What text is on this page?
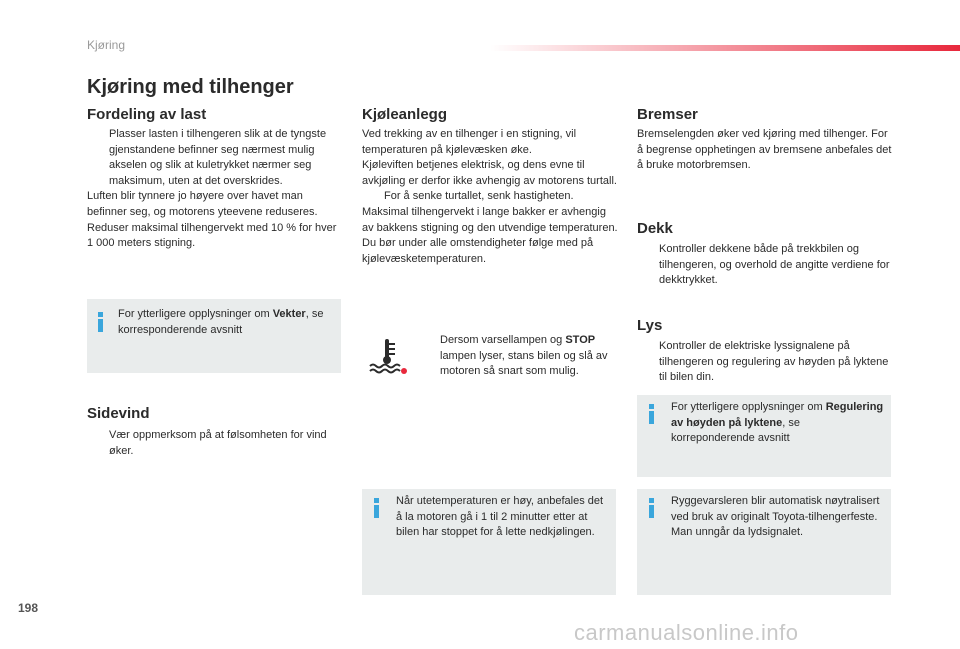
Kjøring
Kjøring med tilhenger
Fordeling av last
Plasser lasten i tilhengeren slik at de tyngste gjenstandene befinner seg nærmest mulig akselen og slik at kuletrykket nærmer seg maksimum, uten at det overskrides.
Luften blir tynnere jo høyere over havet man befinner seg, og motorens yteevene reduseres. Reduser maksimal tilhengervekt med 10 % for hver 1 000 meters stigning.
For ytterligere opplysninger om Vekter, se korresponderende avsnitt
Sidevind
Vær oppmerksom på at følsomheten for vind øker.
Kjøleanlegg
Ved trekking av en tilhenger i en stigning, vil temperaturen på kjølevæsken øke.
Kjøleviften betjenes elektrisk, og dens evne til avkjøling er derfor ikke avhengig av motorens turtall.
For å senke turtallet, senk hastigheten.
Maksimal tilhengervekt i lange bakker er avhengig av bakkens stigning og den utvendige temperaturen.
Du bør under alle omstendigheter følge med på kjølevæsketemperaturen.
Dersom varsellampen og STOP lampen lyser, stans bilen og slå av motoren så snart som mulig.
Når utetemperaturen er høy, anbefales det å la motoren gå i 1 til 2 minutter etter at bilen har stoppet for å lette nedkjølingen.
Bremser
Bremselengden øker ved kjøring med tilhenger. For å begrense opphetingen av bremsene anbefales det å bruke motorbremsen.
Dekk
Kontroller dekkene både på trekkbilen og tilhengeren, og overhold de angitte verdiene for dekktrykket.
Lys
Kontroller de elektriske lyssignalene på tilhengeren og regulering av høyden på lyktene til bilen din.
For ytterligere opplysninger om Regulering av høyden på lyktene, se korreponderende avsnitt
Ryggevarsleren blir automatisk nøytralisert ved bruk av originalt Toyota-tilhengerfeste. Man unngår da lydsignalet.
198
carmanualsonline.info
